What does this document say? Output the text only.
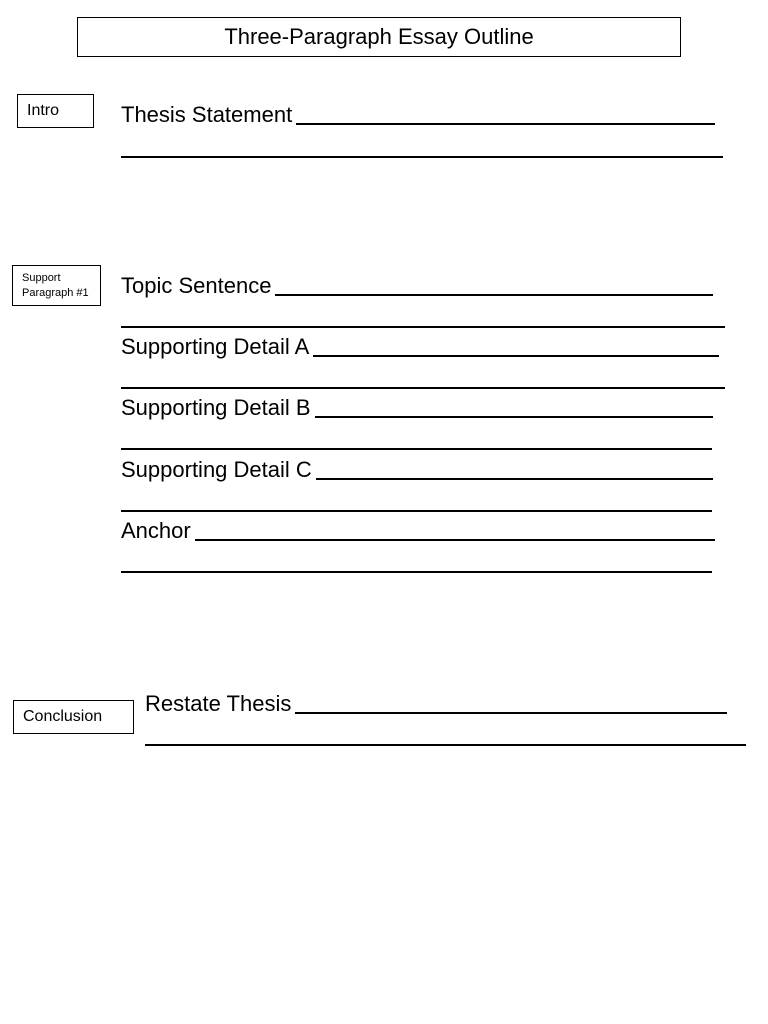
Three-Paragraph Essay Outline
Intro	Thesis Statement
Support
Paragraph #1 Topic Sentence
Supporting Detail A
Supporting Detail B
Supporting Detail C
Anchor
Conclusion
Restate Thesis
